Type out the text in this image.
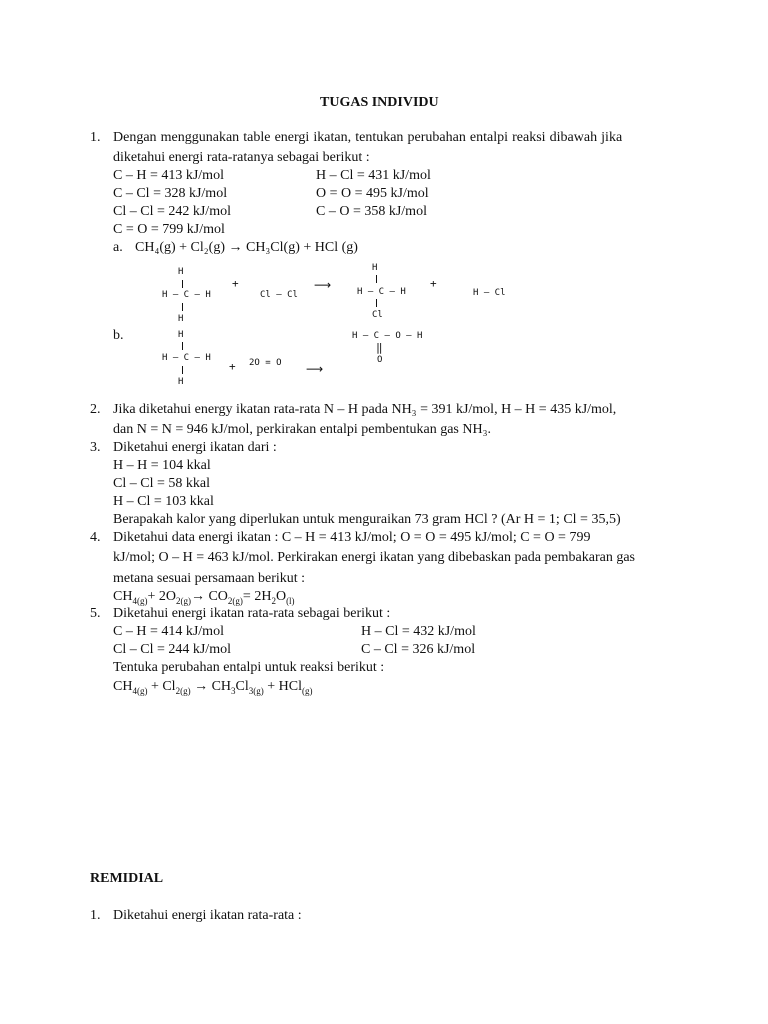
TUGAS INDIVIDU
1. Dengan menggunakan table energi ikatan, tentukan perubahan entalpi reaksi dibawah jika
diketahui energi rata-ratanya sebagai berikut :
C – H = 413 kJ/mol
C – Cl = 328 kJ/mol
Cl – Cl = 242 kJ/mol
C = O = 799 kJ/mol
H – Cl = 431 kJ/mol
O = O = 495 kJ/mol
C – O = 358 kJ/mol
a. CH₄(g) + Cl₂(g) → CH₃Cl(g) + HCl (g)
H
H — C — H
H
+
Cl — Cl
⟶
H
H — C — H
Cl
+
H — Cl
b.	H
H — C — H
H
+ 2O = O ⟶
H — C — O – H
‖
O
2. Jika diketahui energy ikatan rata-rata N – H pada NH₃ = 391 kJ/mol, H – H = 435 kJ/mol,
dan N = N = 946 kJ/mol, perkirakan entalpi pembentukan gas NH₃.
3. Diketahui energi ikatan dari :
H – H = 104 kkal
Cl – Cl = 58 kkal
H – Cl = 103 kkal
Berapakah kalor yang diperlukan untuk menguraikan 73 gram HCl ? (Ar H = 1; Cl = 35,5)
4. Diketahui data energi ikatan : C – H = 413 kJ/mol; O = O = 495 kJ/mol; C = O = 799
kJ/mol; O – H = 463 kJ/mol. Perkirakan energi ikatan yang dibebaskan pada pembakaran gas
metana sesuai persamaan berikut :
$CH_{4(g)}+ 2O_{2(g)}\to CO_{2(g)}= 2H_2O_{(l)}$
5. Diketahui energi ikatan rata-rata sebagai berikut :
C – H = 414 kJ/mol
Cl – Cl = 244 kJ/mol
H – Cl = 432 kJ/mol
C – Cl = 326 kJ/mol
Tentuka perubahan entalpi untuk reaksi berikut :
$CH_{4(g)} + Cl_{2(g)} \to CH_3Cl_{3(g)} + HCl_{(g)}$
REMIDIAL
1. Diketahui energi ikatan rata-rata :
